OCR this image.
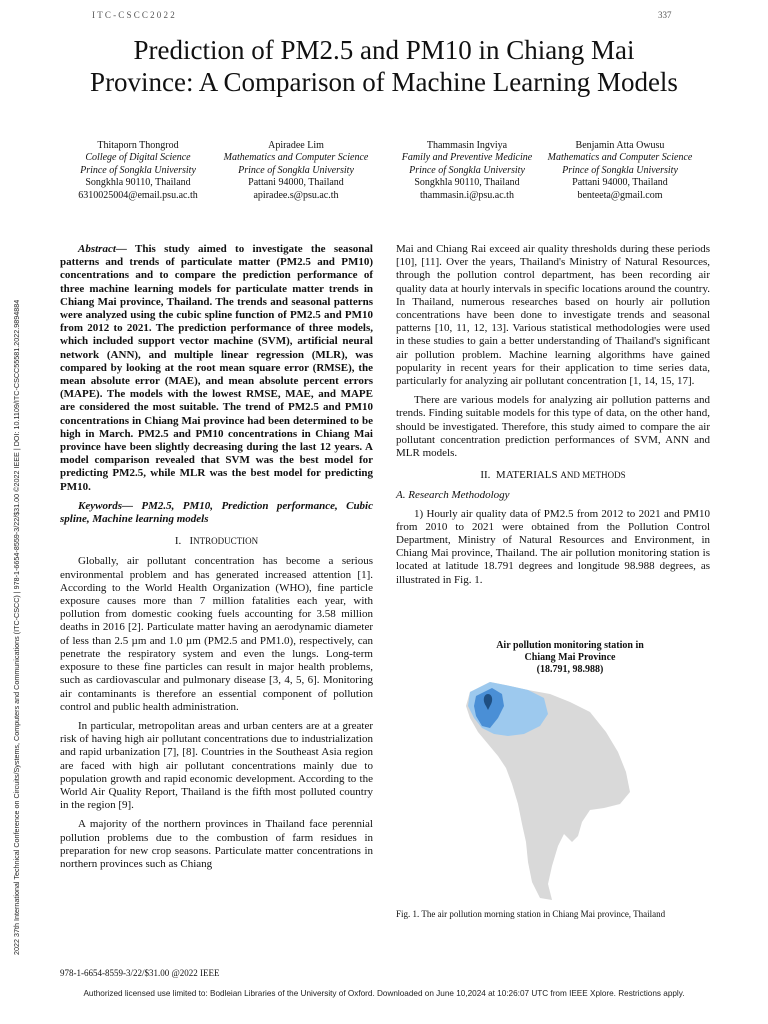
ITC-CSCC2022	337
Prediction of PM2.5 and PM10 in Chiang Mai
Province: A Comparison of Machine Learning Models
Thitaporn Thongrod
College of Digital Science
Prince of Songkla University
Songkhla 90110, Thailand
6310025004@email.psu.ac.th
Apiradee Lim
Mathematics and Computer Science
Prince of Songkla University
Pattani 94000, Thailand
apiradee.s@psu.ac.th
Thammasin Ingviya
Family and Preventive Medicine
Prince of Songkla University
Songkhla 90110, Thailand
thammasin.i@psu.ac.th
Benjamin Atta Owusu
Mathematics and Computer Science
Prince of Songkla University
Pattani 94000, Thailand
benteeta@gmail.com
2022 37th International Technical Conference on Circuits/Systems, Computers and Communications (ITC-CSCC) | 978-1-6654-8559-3/22/$31.00 ©2022 IEEE | DOI: 10.1109/ITC-CSCC55581.2022.9894884

Abstract— This study aimed to investigate the seasonal patterns and trends of particulate matter (PM2.5 and PM10) concentrations and to compare the prediction performance of three machine learning models for particulate matter trends in Chiang Mai province, Thailand. The trends and seasonal patterns were analyzed using the cubic spline function of PM2.5 and PM10 from 2012 to 2021. The prediction performance of three models, which included support vector machine (SVM), artificial neural network (ANN), and multiple linear regression (MLR), was compared by looking at the root mean square error (RMSE), the mean absolute error (MAE), and mean absolute percent errors (MAPE). The models with the lowest RMSE, MAE, and MAPE are considered the most suitable. The trend of PM2.5 and PM10 concentrations in Chiang Mai province had been determined to be high in March. PM2.5 and PM10 concentrations in Chiang Mai province have been slightly decreasing during the last 12 years. A model comparison revealed that SVM was the best model for predicting PM2.5, while MLR was the best model for predicting PM10.

Keywords— PM2.5, PM10, Prediction performance, Cubic spline, Machine learning models

I. INTRODUCTION

Globally, air pollutant concentration has become a serious environmental problem and has generated increased attention [1]. According to the World Health Organization (WHO), fine particle exposure causes more than 7 million fatalities each year, with pollution from domestic cooking fuels accounting for 3.58 million deaths in 2016 [2]. Particulate matter having an aerodynamic diameter of less than 2.5 µm and 1.0 µm (PM2.5 and PM1.0), respectively, can penetrate the respiratory system and even the lungs. Long-term exposure to these fine particles can result in major health problems, such as cardiovascular and pulmonary disease [3, 4, 5, 6]. Monitoring air contaminants is therefore an essential component of pollution control and public health administration.

In particular, metropolitan areas and urban centers are at a greater risk of having high air pollutant concentrations due to industrialization and rapid urbanization [7], [8]. Countries in the Southeast Asia region are faced with high air pollutant concentrations mainly due to population growth and rapid economic development. According to the World Air Quality Report, Thailand is the fifth most polluted country in the region [9].

A majority of the northern provinces in Thailand face perennial pollution problems due to the combustion of farm residues in preparation for new crop seasons. Particulate matter concentrations in northern provinces such as Chiang

Mai and Chiang Rai exceed air quality thresholds during these periods [10], [11]. Over the years, Thailand's Ministry of Natural Resources, through the pollution control department, has been recording air quality data at hourly intervals in specific locations around the country. In Thailand, numerous researches based on hourly air pollution concentrations have been done to investigate trends and seasonal patterns [10, 11, 12, 13]. Various statistical methodologies were used in these studies to gain a better understanding of Thailand's significant air pollution problem. Machine learning algorithms have gained popularity in recent years for their application to time series data, particularly for analyzing air pollutant concentration [1, 14, 15, 17].

There are various models for analyzing air pollution patterns and trends. Finding suitable models for this type of data, on the other hand, should be investigated. Therefore, this study aimed to compare the air pollutant concentration prediction performances of SVM, ANN and MLR models.

II. MATERIALS AND METHODS
A. Research Methodology

1) Hourly air quality data of PM2.5 from 2012 to 2021 and PM10 from 2010 to 2021 were obtained from the Pollution Control Department, Ministry of Natural Resources and Environment, in Chiang Mai province, Thailand. The air pollution monitoring station is located at latitude 18.791 degrees and longitude 98.988 degrees, as illustrated in Fig. 1.

Air pollution monitoring station in
Chiang Mai Province
(18.791, 98.988)
Fig. 1. The air pollution morning station in Chiang Mai province, Thailand
978-1-6654-8559-3/22/$31.00 @2022 IEEE
Authorized licensed use limited to: Bodleian Libraries of the University of Oxford. Downloaded on June 10,2024 at 10:26:07 UTC from IEEE Xplore. Restrictions apply.
